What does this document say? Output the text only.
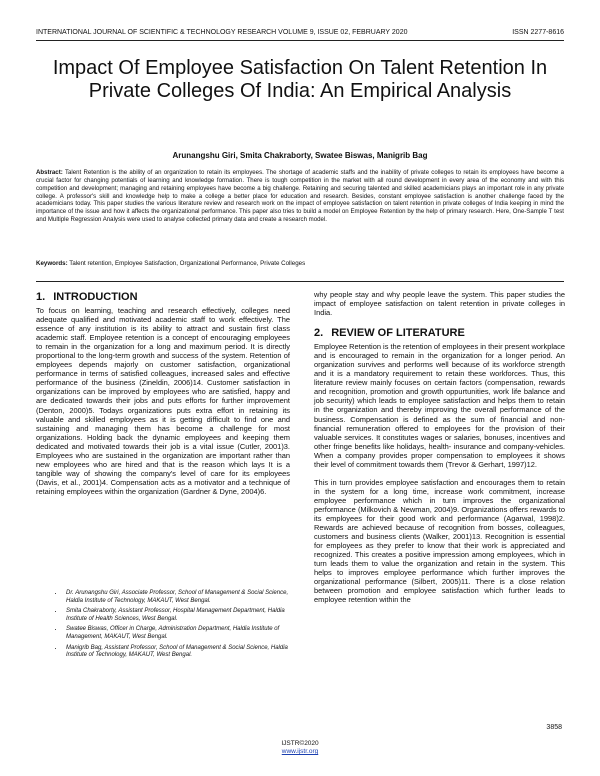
INTERNATIONAL JOURNAL OF SCIENTIFIC & TECHNOLOGY RESEARCH VOLUME 9, ISSUE 02, FEBRUARY 2020	ISSN 2277-8616
Impact Of Employee Satisfaction On Talent Retention In Private Colleges Of India: An Empirical Analysis
Arunangshu Giri, Smita Chakraborty, Swatee Biswas, Manigrib Bag
Abstract: Talent Retention is the ability of an organization to retain its employees. The shortage of academic staffs and the inability of private colleges to retain its employees have become a crucial factor for changing potentials of learning and knowledge formation. There is tough competition in the market with all round development in every area of the economy and with this competition and development; managing and retaining employees have become a big challenge. Retaining and securing talented and skilled academicians plays an important role in any private college. A professor's skill and knowledge help to make a college a better place for education and research. Besides, constant employee satisfaction is another challenge faced by the academicians today. This paper studies the various literature review and research work on the impact of employee satisfaction on talent retention in private colleges of India keeping in mind the importance of the issue and how it affects the organizational performance. This paper also tries to build a model on Employee Retention by the help of primary research. Here, One-Sample T test and Multiple Regression Analysis were used to analyse collected primary data and create a research model.
Keywords: Talent retention, Employee Satisfaction, Organizational Performance, Private Colleges
1. INTRODUCTION

To focus on learning, teaching and research effectively, colleges need adequate qualified and motivated academic staff to work effectively. The essence of any institution is its ability to attract and sustain first class academic staff. Employee retention is a concept of encouraging employees to remain in the organization for a long and maximum period. It is directly proportional to the long-term growth and success of the system. Retention of employees depends majorly on customer satisfaction, organizational performance in terms of satisfied colleagues, increased sales and effective performance of the business (Zineldin, 2006)14. Customer satisfaction in organizations can be improved by employees who are satisfied, happy and are dedicated towards their jobs and puts efforts for further improvement (Denton, 2000)5. Todays organizations puts extra effort in retaining its valuable and skilled employees as it is getting difficult to find one and sustaining and managing them has become a challenge for most organizations. Holding back the dynamic employees and keeping them dedicated and motivated towards their job is a vital issue (Cutler, 2001)3. Employees who are sustained in the organization are important rather than new employees who are hired and that is the reason which lays It is a tangible way of showing the company's level of care for its employees (Davis, et al., 2001)4. Compensation acts as a motivator and a technique of retaining employees within the organization (Gardner & Dyne, 2004)6.

why people stay and why people leave the system. This paper studies the impact of employee satisfaction on talent retention in private colleges in India.

2. REVIEW OF LITERATURE

Employee Retention is the retention of employees in their present workplace and is encouraged to remain in the organization for a longer period. An organization survives and performs well because of its workforce strength and it is a mandatory requirement to retain these workforces. Thus, this literature review mainly focuses on certain factors (compensation, rewards and recognition, promotion and growth oppurtunities, work life balance and job security) which leads to employee satisfaction and helps them to retain in the organization and thereby improving the overall performance of the business. Compensation is defined as the sum of financial and non- financial remuneration offered to employees for the provision of their valuable services. It constitutes wages or salaries, bonuses, incentives and other fringe benefits like holidays, health- insurance and company-vehicles. When a company provides proper compensation to employees it shows their level of commitment towards them (Trevor & Gerhart, 1997)12.

This in turn provides employee satisfaction and encourages them to retain in the system for a long time, increase work commitment, increase employee performance which in turn improves the organizational performance (Milkovich & Newman, 2004)9. Organizations offers rewards to its employees for their good work and performance (Agarwal, 1998)2. Rewards are achieved because of recognition from bosses, colleagues, customers and business clients (Walker, 2001)13. Recognition is essential for employees as they prefer to know that their work is appreciated and recognized. This creates a positive impression among employees, which in turn leads them to value the organization and retain in the system. This helps to improves employee performance which further improves the organizational performance (Silbert, 2005)11. There is a close relation between promotion and employee satisfaction which further leads to employee retention within the

• Dr. Arunangshu Giri, Associate Professor, School of Management & Social Science, Haldia Institute of Technology, MAKAUT, West Bengal.
• Smita Chakraborty, Assistant Professor, Hospital Management Department, Haldia Institute of Health Sciences, West Bengal.
• Swatee Biswas, Officer in Charge, Administration Department, Haldia Institute of Management, MAKAUT, West Bengal.
• Manigrib Bag, Assistant Professor, School of Management & Social Science, Haldia Institute of Technology, MAKAUT, West Bengal.
3858
IJSTR©2020
www.ijstr.org
